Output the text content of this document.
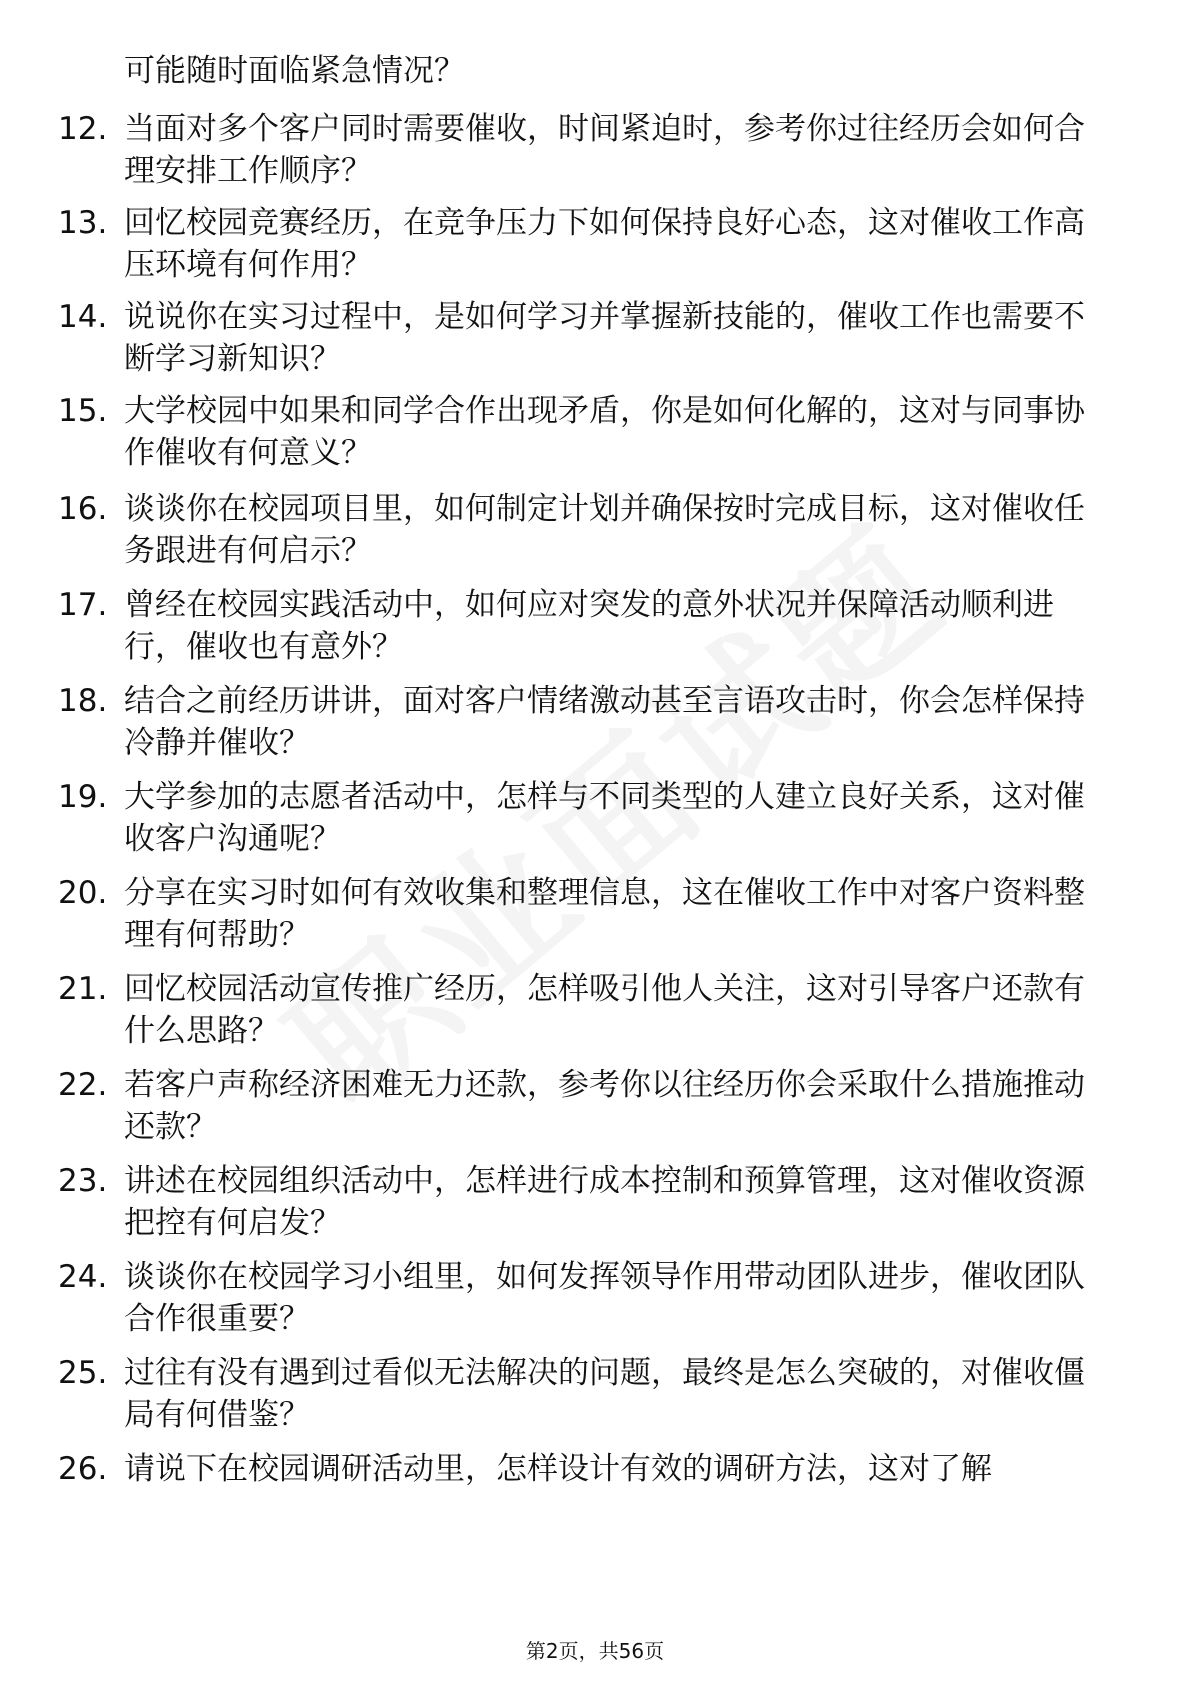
可能随时面临紧急情况？
12. 当面对多个客户同时需要催收，时间紧迫时，参考你过往经历会如何合理安排工作顺序？
13. 回忆校园竞赛经历，在竞争压力下如何保持良好心态，这对催收工作高压环境有何作用？
14. 说说你在实习过程中，是如何学习并掌握新技能的，催收工作也需要不断学习新知识？
15. 大学校园中如果和同学合作出现矛盾，你是如何化解的，这对与同事协作催收有何意义？
16. 谈谈你在校园项目里，如何制定计划并确保按时完成目标，这对催收任务跟进有何启示？
17. 曾经在校园实践活动中，如何应对突发的意外状况并保障活动顺利进行，催收也有意外？
18. 结合之前经历讲讲，面对客户情绪激动甚至言语攻击时，你会怎样保持冷静并催收？
19. 大学参加的志愿者活动中，怎样与不同类型的人建立良好关系，这对催收客户沟通呢？
20. 分享在实习时如何有效收集和整理信息，这在催收工作中对客户资料整理有何帮助？
21. 回忆校园活动宣传推广经历，怎样吸引他人关注，这对引导客户还款有什么思路？
22. 若客户声称经济困难无力还款，参考你以往经历你会采取什么措施推动还款？
23. 讲述在校园组织活动中，怎样进行成本控制和预算管理，这对催收资源把控有何启发？
24. 谈谈你在校园学习小组里，如何发挥领导作用带动团队进步，催收团队合作很重要？
25. 过往有没有遇到过看似无法解决的问题，最终是怎么突破的，对催收僵局有何借鉴？
26. 请说下在校园调研活动里，怎样设计有效的调研方法，这对了解
第2页，共56页
